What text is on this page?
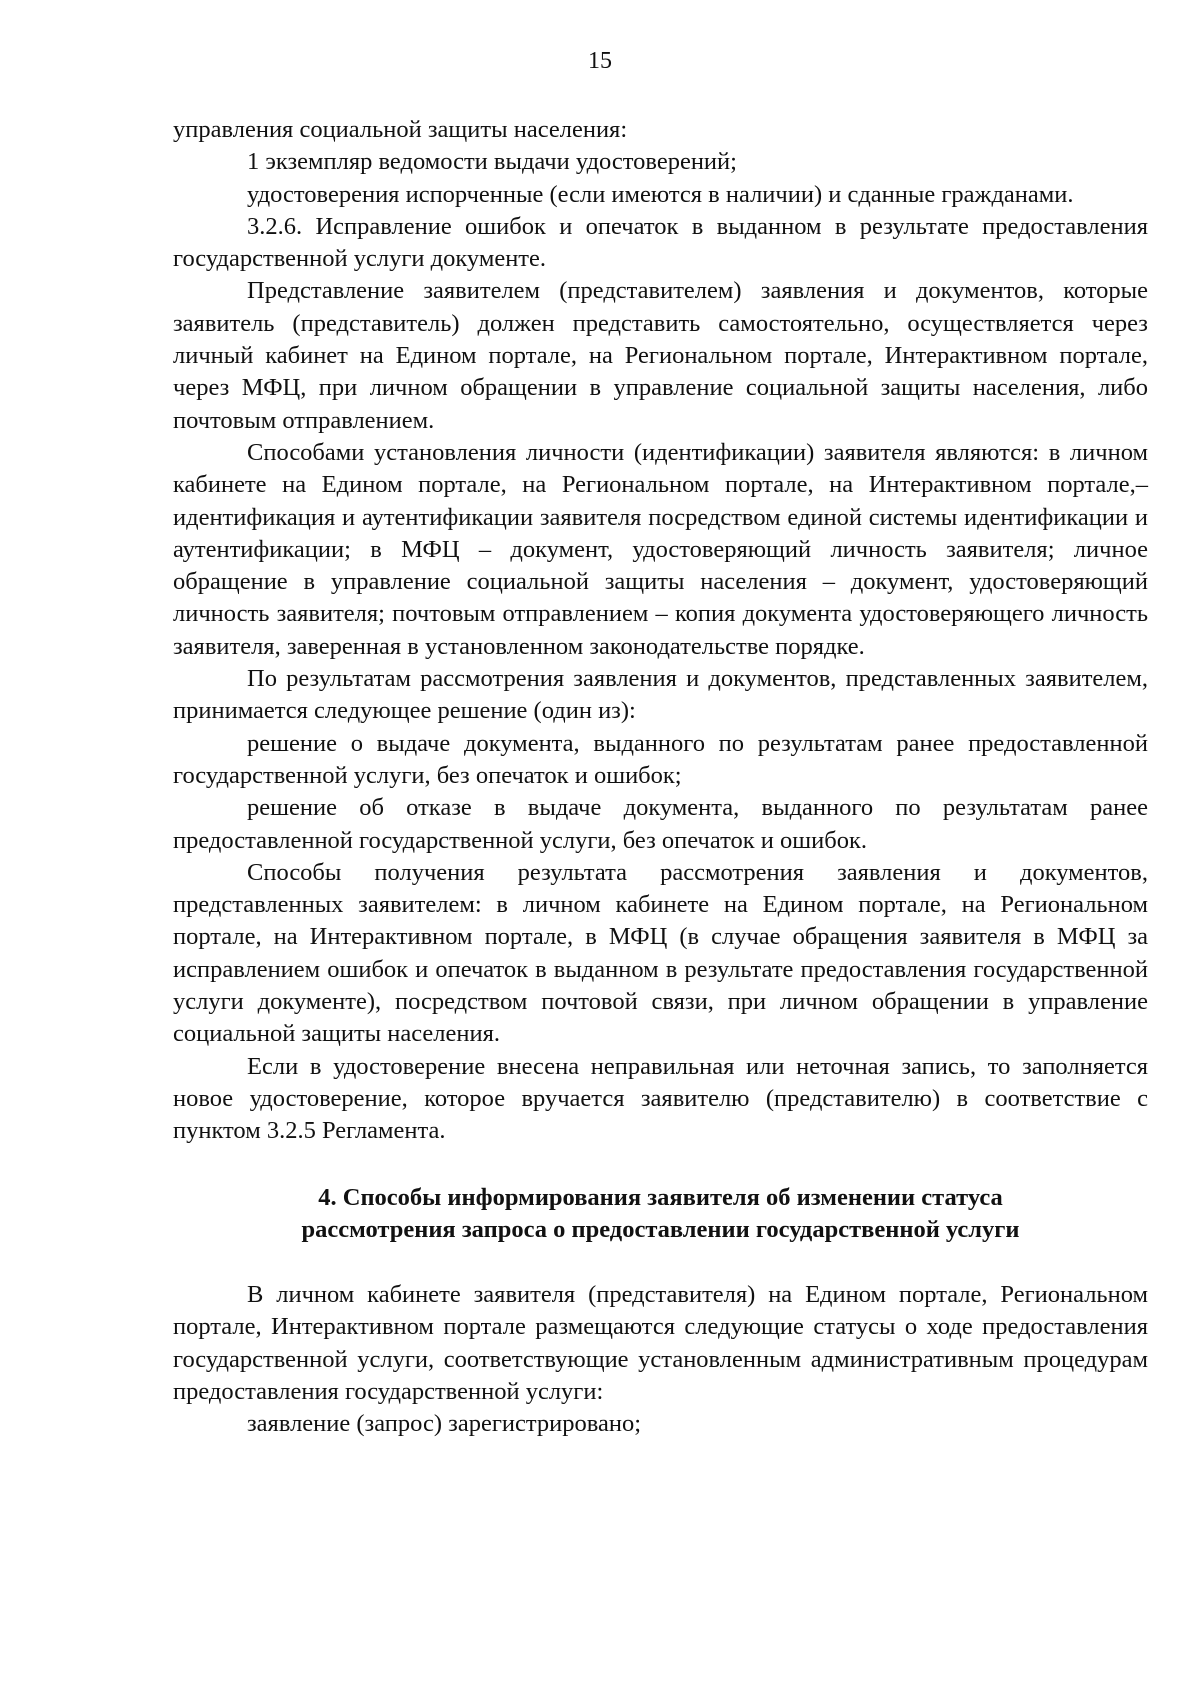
15

управления социальной защиты населения:

1 экземпляр ведомости выдачи удостоверений;

удостоверения испорченные (если имеются в наличии) и сданные гражданами.

3.2.6. Исправление ошибок и опечаток в выданном в результате предоставления государственной услуги документе.

Представление заявителем (представителем) заявления и документов, которые заявитель (представитель) должен представить самостоятельно, осуществляется через личный кабинет на Едином портале, на Региональном портале, Интерактивном портале, через МФЦ, при личном обращении в управление социальной защиты населения, либо почтовым отправлением.

Способами установления личности (идентификации) заявителя являются: в личном кабинете на Едином портале, на Региональном портале, на Интерактивном портале,– идентификация и аутентификации заявителя посредством единой системы идентификации и аутентификации; в МФЦ – документ, удостоверяющий личность заявителя; личное обращение в управление социальной защиты населения – документ, удостоверяющий личность заявителя; почтовым отправлением – копия документа удостоверяющего личность заявителя, заверенная в установленном законодательстве порядке.

По результатам рассмотрения заявления и документов, представленных заявителем, принимается следующее решение (один из):

решение о выдаче документа, выданного по результатам ранее предоставленной государственной услуги, без опечаток и ошибок;

решение об отказе в выдаче документа, выданного по результатам ранее предоставленной государственной услуги, без опечаток и ошибок.

Способы получения результата рассмотрения заявления и документов, представленных заявителем: в личном кабинете на Едином портале, на Региональном портале, на Интерактивном портале, в МФЦ (в случае обращения заявителя в МФЦ за исправлением ошибок и опечаток в выданном в результате предоставления государственной услуги документе), посредством почтовой связи, при личном обращении в управление социальной защиты населения.

Если в удостоверение внесена неправильная или неточная запись, то заполняется новое удостоверение, которое вручается заявителю (представителю) в соответствие с пунктом 3.2.5 Регламента.

4. Способы информирования заявителя об изменении статуса рассмотрения запроса о предоставлении государственной услуги

В личном кабинете заявителя (представителя) на Едином портале, Региональном портале, Интерактивном портале размещаются следующие статусы о ходе предоставления государственной услуги, соответствующие установленным административным процедурам предоставления государственной услуги:

заявление (запрос) зарегистрировано;
